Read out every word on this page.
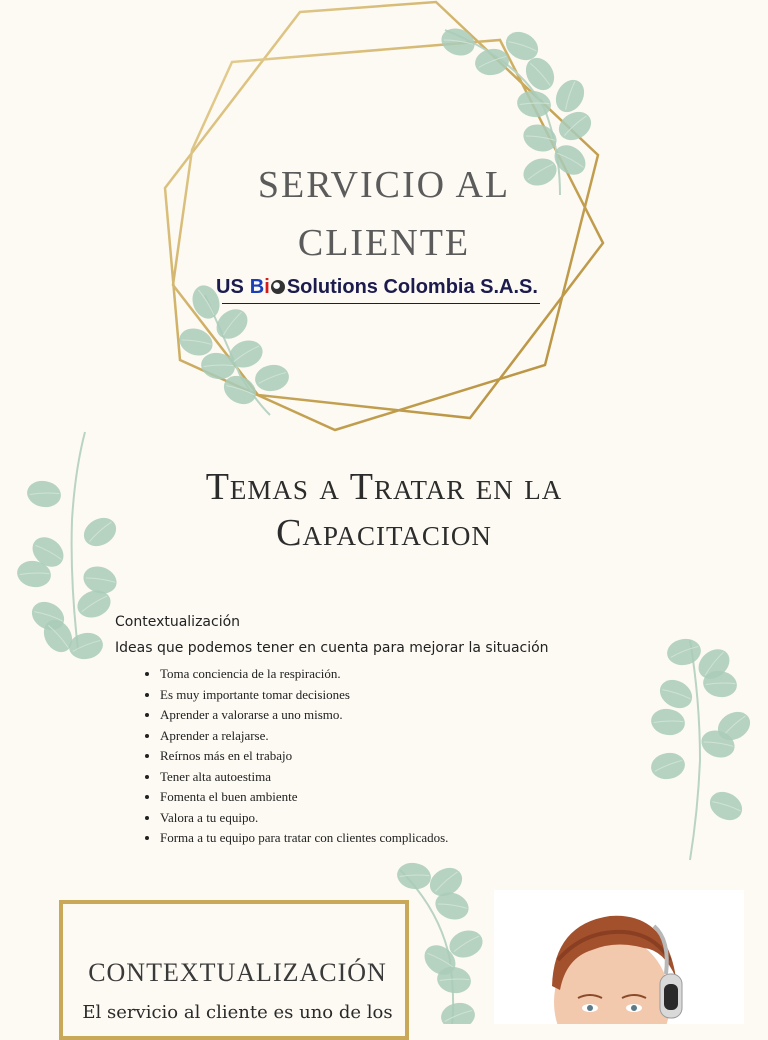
SERVICIO AL
CLIENTE
US Bi Solutions Colombia S.A.S.
Temas a Tratar en la
Capacitacion
Contextualización
Ideas que podemos tener en cuenta para mejorar la situación
• Toma conciencia de la respiración.
• Es muy importante tomar decisiones
• Aprender a valorarse a uno mismo.
• Aprender a relajarse.
• Reírnos más en el trabajo
• Tener alta autoestima
• Fomenta el buen ambiente
• Valora a tu equipo.
• Forma a tu equipo para tratar con clientes complicados.
CONTEXTUALIZACIÓN
El servicio al cliente es uno de los
